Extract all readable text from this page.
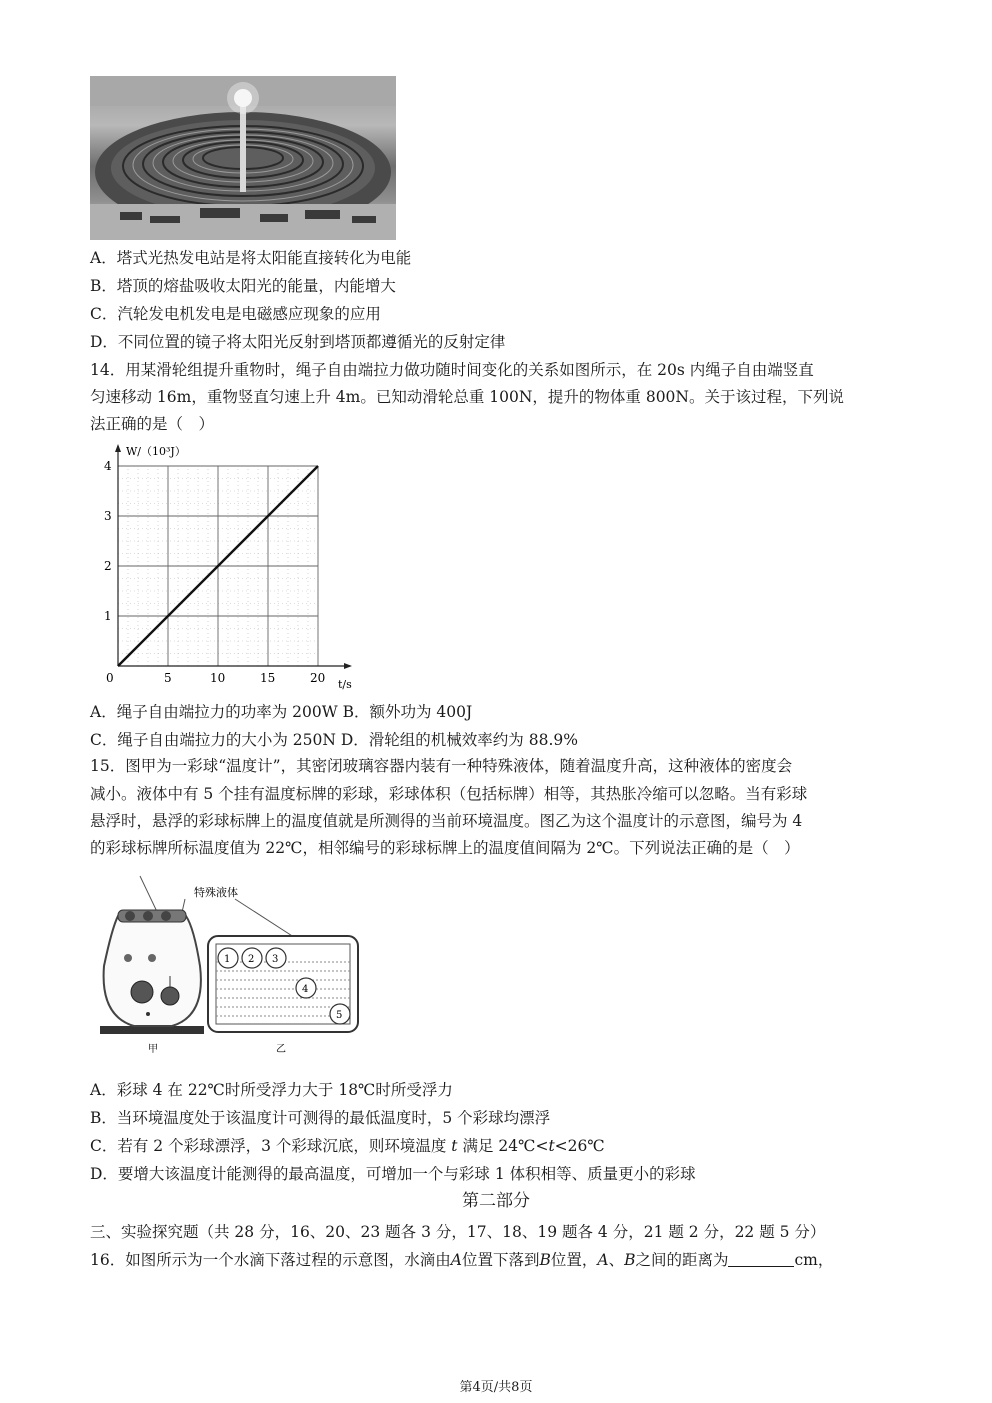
A．塔式光热发电站是将太阳能直接转化为电能
B．塔顶的熔盐吸收太阳光的能量，内能增大
C．汽轮发电机发电是电磁感应现象的应用
D．不同位置的镜子将太阳光反射到塔顶都遵循光的反射定律
14．用某滑轮组提升重物时，绳子自由端拉力做功随时间变化的关系如图所示，在 20s 内绳子自由端竖直
匀速移动 16m，重物竖直匀速上升 4m。已知动滑轮总重 100N，提升的物体重 800N。关于该过程，下列说
法正确的是（　）
0	5	10	15	20
1
2
3
4
W/（10³J）
t/s
A．绳子自由端拉力的功率为 200W B．额外功为 400J
C．绳子自由端拉力的大小为 250N D．滑轮组的机械效率约为 88.9%
15．图甲为一彩球“温度计”，其密闭玻璃容器内装有一种特殊液体，随着温度升高，这种液体的密度会
减小。液体中有 5 个挂有温度标牌的彩球，彩球体积（包括标牌）相等，其热胀冷缩可以忽略。当有彩球
悬浮时，悬浮的彩球标牌上的温度值就是所测得的当前环境温度。图乙为这个温度计的示意图，编号为 4
的彩球标牌所标温度值为 22℃，相邻编号的彩球标牌上的温度值间隔为 2℃。下列说法正确的是（　）
特殊液体
甲
1 2 3
4
5
乙
A．彩球 4 在 22℃时所受浮力大于 18℃时所受浮力
B．当环境温度处于该温度计可测得的最低温度时，5 个彩球均漂浮
C．若有 2 个彩球漂浮，3 个彩球沉底，则环境温度 t 满足 24℃<t<26℃
D．要增大该温度计能测得的最高温度，可增加一个与彩球 1 体积相等、质量更小的彩球
第二部分
三、实验探究题（共 28 分，16、20、23 题各 3 分，17、18、19 题各 4 分，21 题 2 分，22 题 5 分）
16．如图所示为一个水滴下落过程的示意图，水滴由A位置下落到B位置，A、B之间的距离为	cm，
第4页/共8页
